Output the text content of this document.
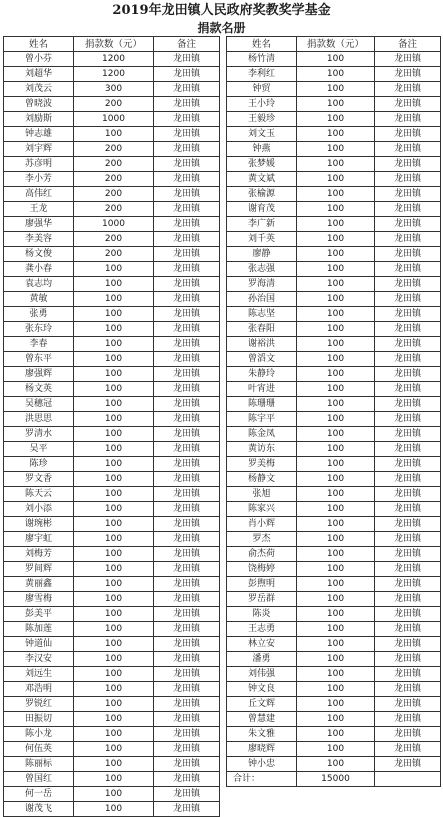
2019年龙田镇人民政府奖教奖学基金
捐款名册
姓名	捐款数（元）	备注
曾小芬	1200	龙田镇
刘超华	1200	龙田镇
刘茂云	300	龙田镇
曾晓波	200	龙田镇
刘励斯	1000	龙田镇
钟志雄	100	龙田镇
刘宇辉	200	龙田镇
苏彦明	200	龙田镇
李小芳	200	龙田镇
高伟红	200	龙田镇
王龙	200	龙田镇
廖强华	1000	龙田镇
李美容	200	龙田镇
杨文俊	200	龙田镇
龚小春	100	龙田镇
袁志均	100	龙田镇
黄敏	100	龙田镇
张勇	100	龙田镇
张东玲	100	龙田镇
李春	100	龙田镇
曾东平	100	龙田镇
廖强辉	100	龙田镇
杨文英	100	龙田镇
吴穗冠	100	龙田镇
洪思思	100	龙田镇
罗清水	100	龙田镇
吴平	100	龙田镇
陈珍	100	龙田镇
罗文香	100	龙田镇
陈天云	100	龙田镇
刘小添	100	龙田镇
谢琬彬	100	龙田镇
廖宇虹	100	龙田镇
刘梅芳	100	龙田镇
罗间辉	100	龙田镇
黄丽鑫	100	龙田镇
廖雪梅	100	龙田镇
彭美平	100	龙田镇
陈加莲	100	龙田镇
钟道仙	100	龙田镇
李汉安	100	龙田镇
刘远生	100	龙田镇
邓浩明	100	龙田镇
罗锐红	100	龙田镇
田振切	100	龙田镇
陈小龙	100	龙田镇
何伍英	100	龙田镇
陈丽标	100	龙田镇
曾国红	100	龙田镇
何一岳	100	龙田镇
谢茂飞	100	龙田镇
姓名	捐款数（元）	备注
杨竹清	100	龙田镇
李利红	100	龙田镇
钟贸	100	龙田镇
王小玲	100	龙田镇
王毅珍	100	龙田镇
刘文玉	100	龙田镇
钟燕	100	龙田镇
张梦媛	100	龙田镇
黄文斌	100	龙田镇
张榆源	100	龙田镇
谢育茂	100	龙田镇
李广新	100	龙田镇
刘千英	100	龙田镇
廖静	100	龙田镇
张志强	100	龙田镇
罗海清	100	龙田镇
孙治国	100	龙田镇
陈志坚	100	龙田镇
张春阳	100	龙田镇
谢裕洪	100	龙田镇
曾滔文	100	龙田镇
朱静玲	100	龙田镇
叶宵进	100	龙田镇
陈珊珊	100	龙田镇
陈宇平	100	龙田镇
陈金凤	100	龙田镇
黄访东	100	龙田镇
罗美梅	100	龙田镇
杨静文	100	龙田镇
张旭	100	龙田镇
陈家兴	100	龙田镇
肖小辉	100	龙田镇
罗杰	100	龙田镇
俞杰荷	100	龙田镇
饶梅婷	100	龙田镇
彭煦明	100	龙田镇
罗岳群	100	龙田镇
陈炎	100	龙田镇
王志勇	100	龙田镇
林立安	100	龙田镇
潘勇	100	龙田镇
刘伟强	100	龙田镇
钟文良	100	龙田镇
丘文辉	100	龙田镇
曾慧建	100	龙田镇
朱文雅	100	龙田镇
廖晓辉	100	龙田镇
钟小忠	100	龙田镇
合计：	15000	
